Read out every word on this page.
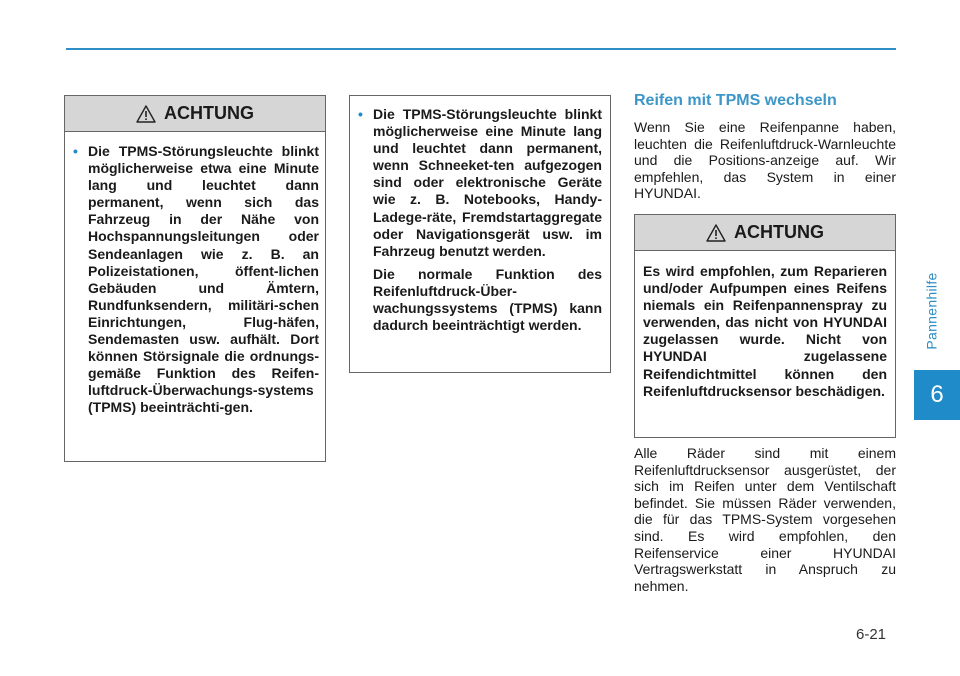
Pannenhilfe
6
ACHTUNG
• Die TPMS-Störungsleuchte blinkt möglicherweise etwa eine Minute lang und leuchtet dann permanent, wenn sich das Fahrzeug in der Nähe von Hochspannungsleitungen oder Sendeanlagen wie z. B. an Polizeistationen, öffent-lichen Gebäuden und Ämtern, Rundfunksendern, militäri-schen Einrichtungen, Flug-häfen, Sendemasten usw. aufhält. Dort können Störsignale die ordnungs-gemäße Funktion des Reifen-luftdruck-Überwachungs-systems (TPMS) beeinträchti-gen.

• Die TPMS-Störungsleuchte blinkt möglicherweise eine Minute lang und leuchtet dann permanent, wenn Schneeket-ten aufgezogen sind oder elektronische Geräte wie z. B. Notebooks, Handy-Ladege-räte, Fremdstartaggregate oder Navigationsgerät usw. im Fahrzeug benutzt werden.

Die normale Funktion des Reifenluftdruck-Über-wachungssystems (TPMS) kann dadurch beeinträchtigt werden.

Reifen mit TPMS wechseln
Wenn Sie eine Reifenpanne haben, leuchten die Reifenluftdruck-Warnleuchte und die Positions-anzeige auf. Wir empfehlen, das System in einer HYUNDAI.
ACHTUNG
Es wird empfohlen, zum Reparieren und/oder Aufpumpen eines Reifens niemals ein Reifenpannenspray zu verwenden, das nicht von HYUNDAI zugelassen wurde. Nicht von HYUNDAI zugelassene Reifendichtmittel können den Reifenluftdrucksensor beschädigen.
Alle Räder sind mit einem Reifenluftdrucksensor ausgerüstet, der sich im Reifen unter dem Ventilschaft befindet. Sie müssen Räder verwenden, die für das TPMS-System vorgesehen sind. Es wird empfohlen, den Reifenservice einer HYUNDAI Vertragswerkstatt in Anspruch zu nehmen.
6-21
